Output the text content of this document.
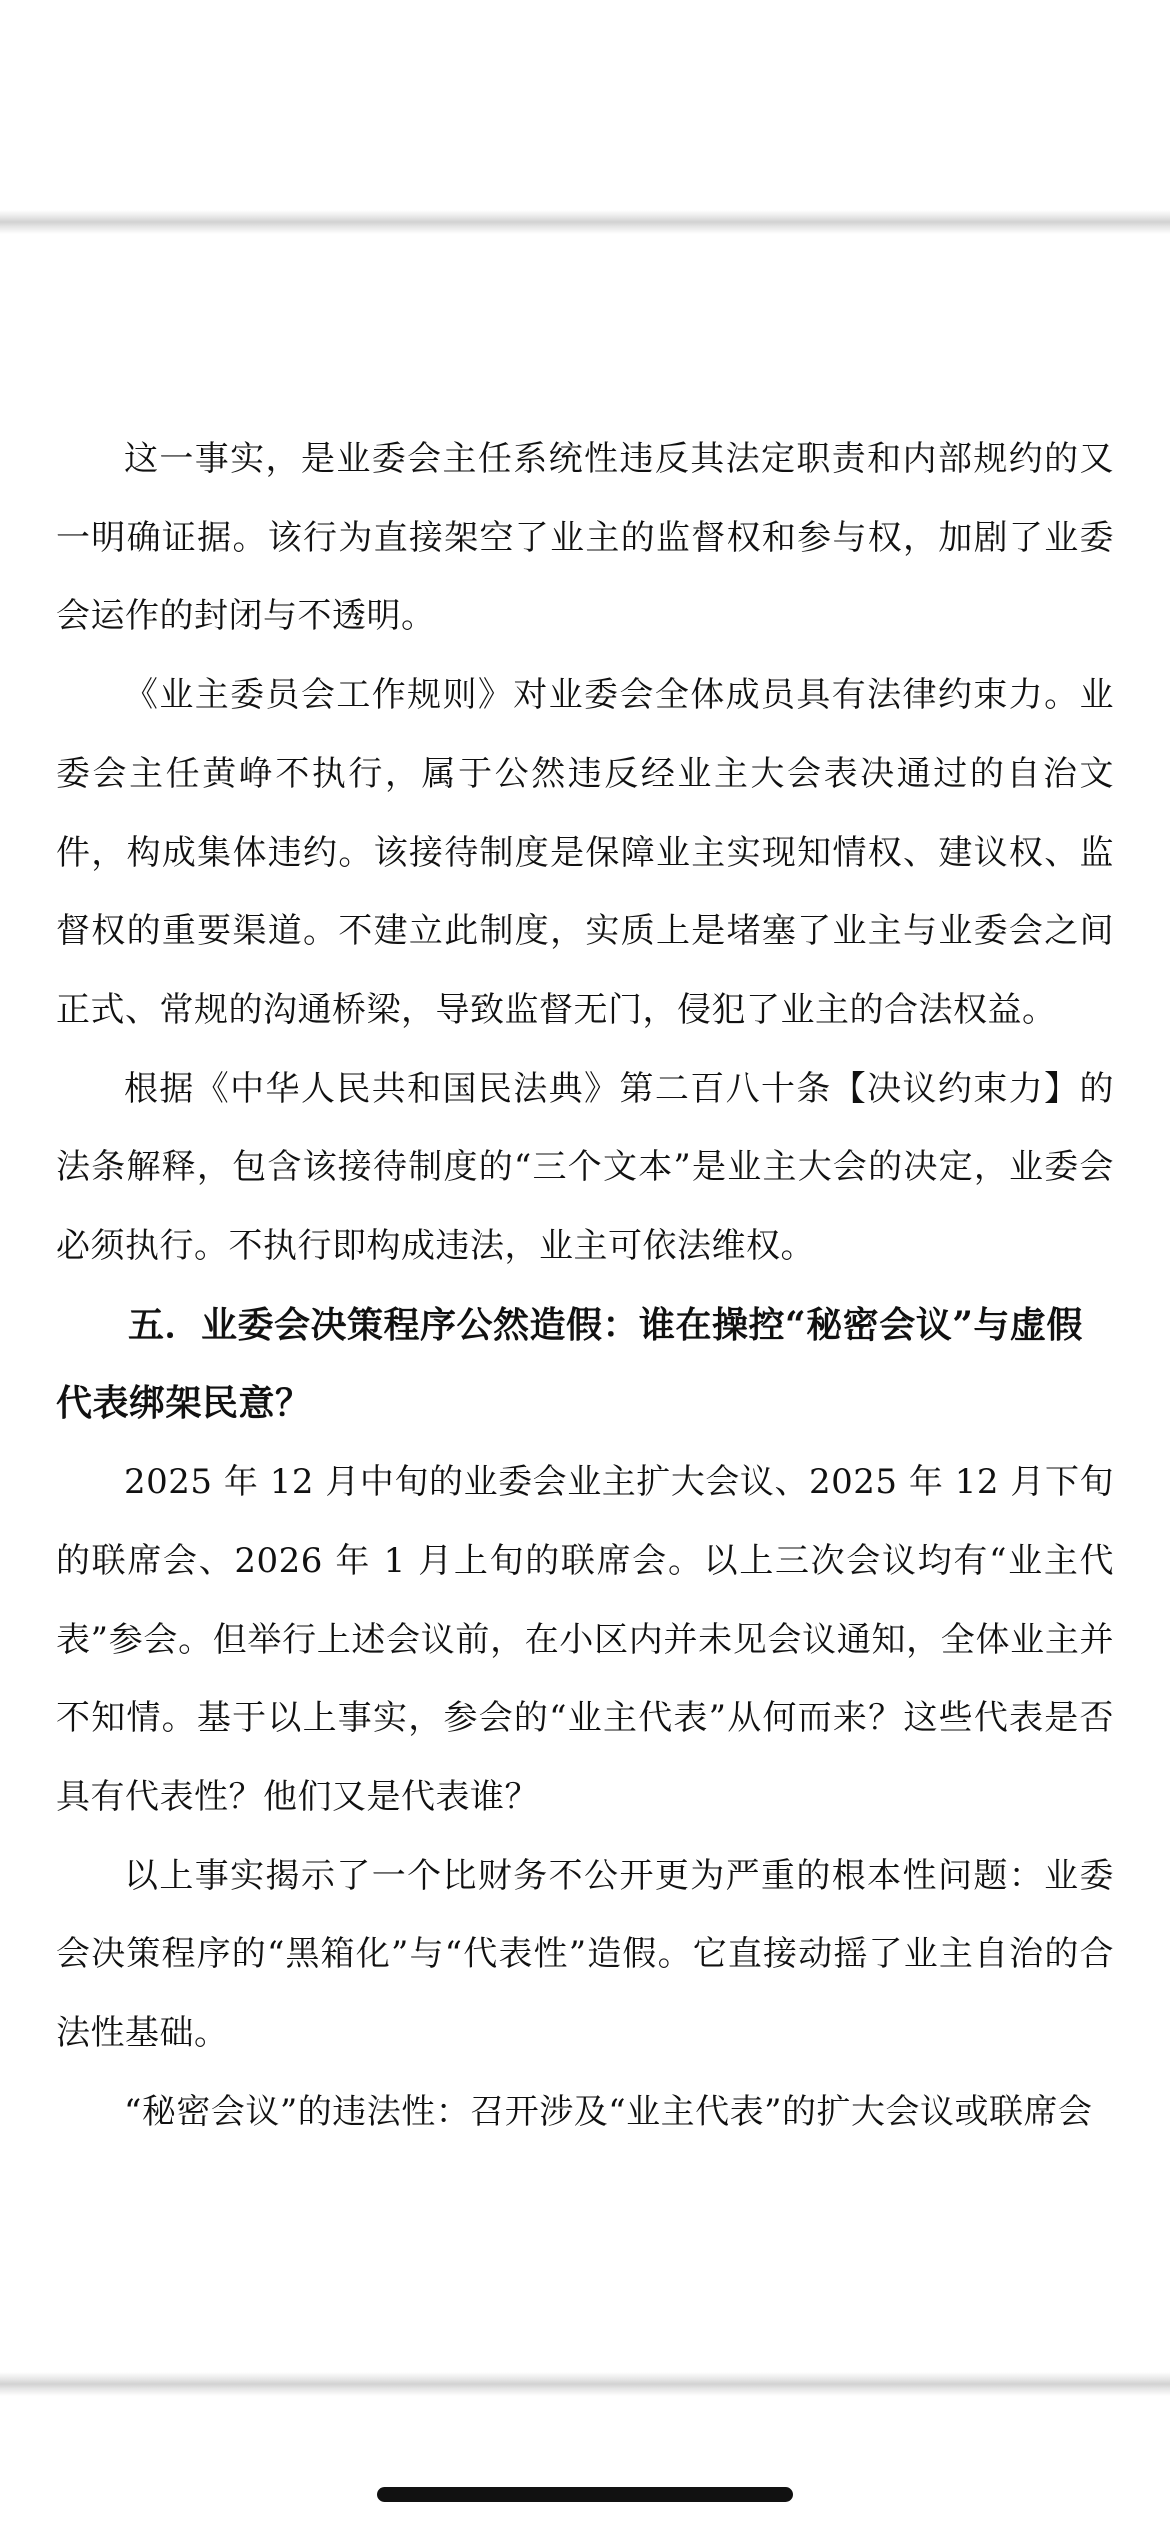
这一事实，是业委会主任系统性违反其法定职责和内部规约的又一明确证据。该行为直接架空了业主的监督权和参与权，加剧了业委会运作的封闭与不透明。

《业主委员会工作规则》对业委会全体成员具有法律约束力。业委会主任黄峥不执行，属于公然违反经业主大会表决通过的自治文件，构成集体违约。该接待制度是保障业主实现知情权、建议权、监督权的重要渠道。不建立此制度，实质上是堵塞了业主与业委会之间正式、常规的沟通桥梁，导致监督无门，侵犯了业主的合法权益。

根据《中华人民共和国民法典》第二百八十条【决议约束力】的法条解释，包含该接待制度的“三个文本”是业主大会的决定，业委会必须执行。不执行即构成违法，业主可依法维权。

五．业委会决策程序公然造假：谁在操控“秘密会议”与虚假代表绑架民意？

2025 年 12 月中旬的业委会业主扩大会议、2025 年 12 月下旬的联席会、2026 年 1 月上旬的联席会。以上三次会议均有“业主代表”参会。但举行上述会议前，在小区内并未见会议通知，全体业主并不知情。基于以上事实，参会的“业主代表”从何而来？这些代表是否具有代表性？他们又是代表谁？

以上事实揭示了一个比财务不公开更为严重的根本性问题：业委会决策程序的“黑箱化”与“代表性”造假。它直接动摇了业主自治的合法性基础。

“秘密会议”的违法性：召开涉及“业主代表”的扩大会议或联席会
